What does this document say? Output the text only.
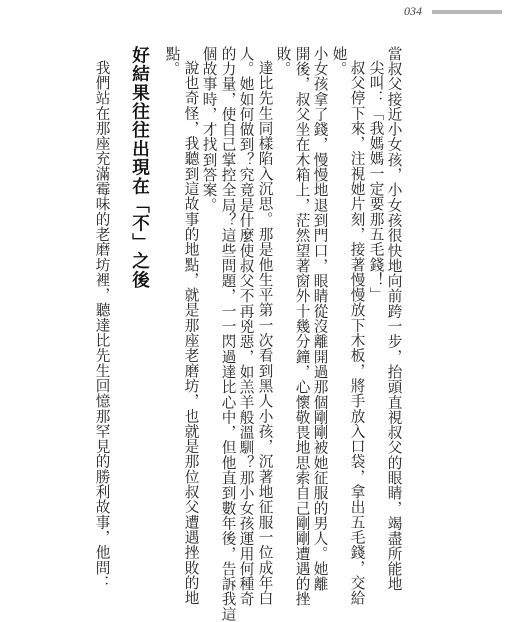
034
當叔父接近小女孩，小女孩很快地向前跨一步，抬頭直視叔父的眼睛，竭盡所能地
尖叫：「我媽媽一定要那五毛錢！」
叔父停下來，注視她片刻，接著慢慢放下木板，將手放入口袋，拿出五毛錢，交給
她。
小女孩拿了錢，慢慢地退到門口，眼睛從沒離開過那個剛剛被她征服的男人。她離
開後，叔父坐在木箱上，茫然望著窗外十幾分鐘，心懷敬畏地思索自己剛剛遭遇的挫
敗。
達比先生同樣陷入沉思。那是他生平第一次看到黑人小孩，沉著地征服一位成年白
人。她如何做到？究竟是什麼使叔父不再兇惡，如羔羊般溫馴？那小女孩運用何種奇
的力量，使自己掌控全局？這些問題，一一閃過達比心中，但他直到數年後，告訴我這
個故事時，才找到答案。
說也奇怪，我聽到這故事的地點，就是那座老磨坊，也就是那位叔父遭遇挫敗的地
點。
好結果往往出現在「不」之後
我們站在那座充滿霉味的老磨坊裡，聽達比先生回憶那罕見的勝利故事，他問：
